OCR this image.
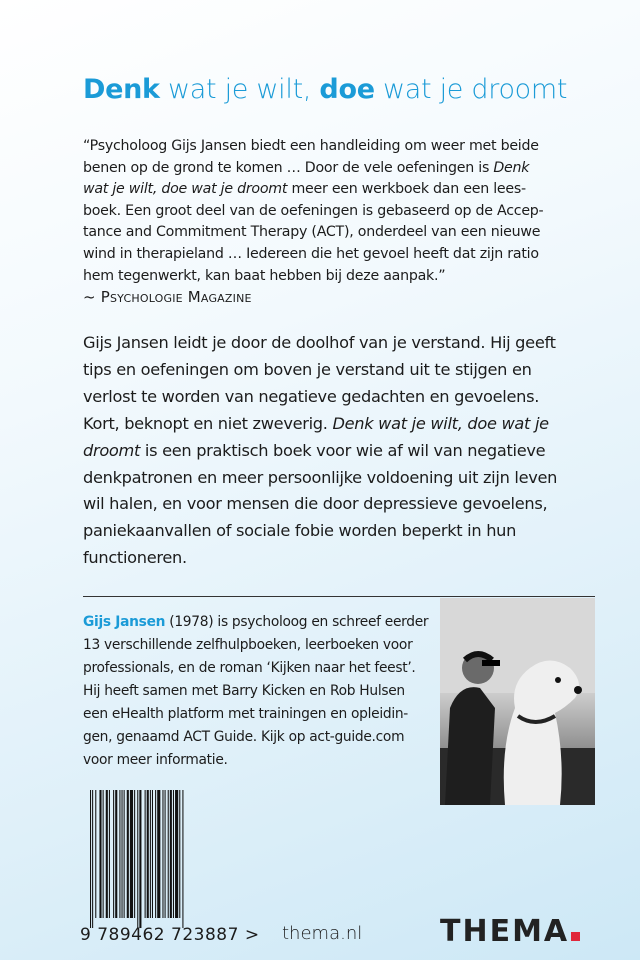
Denk wat je wilt, doe wat je droomt
“Psycholoog Gijs Jansen biedt een handleiding om weer met beide
benen op de grond te komen … Door de vele oefeningen is Denk
wat je wilt, doe wat je droomt meer een werkboek dan een lees-
boek. Een groot deel van de oefeningen is gebaseerd op de Accep-
tance and Commitment Therapy (ACT), onderdeel van een nieuwe
wind in therapieland … Iedereen die het gevoel heeft dat zijn ratio
hem tegenwerkt, kan baat hebben bij deze aanpak.”
~ Psychologie Magazine
Gijs Jansen leidt je door de doolhof van je verstand. Hij geeft
tips en oefeningen om boven je verstand uit te stijgen en
verlost te worden van negatieve gedachten en gevoelens.
Kort, beknopt en niet zweverig. Denk wat je wilt, doe wat je
droomt is een praktisch boek voor wie af wil van negatieve
denkpatronen en meer persoonlijke voldoening uit zijn leven
wil halen, en voor mensen die door depressieve gevoelens,
paniekaanvallen of sociale fobie worden beperkt in hun
functioneren.
Gijs Jansen (1978) is psycholoog en schreef eerder
13 verschillende zelfhulpboeken, leerboeken voor
professionals, en de roman ‘Kijken naar het feest’.
Hij heeft samen met Barry Kicken en Rob Hulsen
een eHealth platform met trainingen en opleidin-
gen, genaamd ACT Guide. Kijk op act-guide.com
voor meer informatie.
9 789462 723887 > thema.nl	THEMA
